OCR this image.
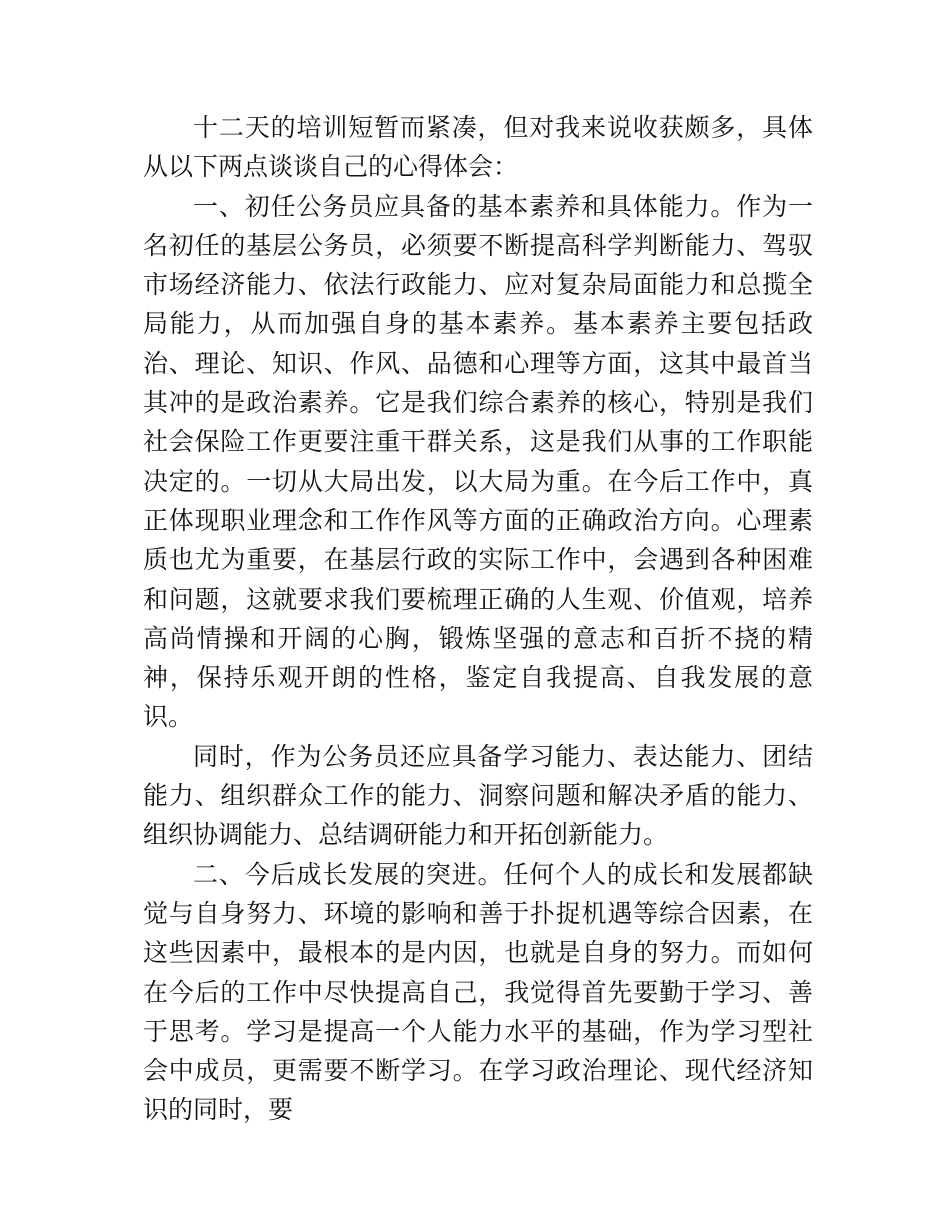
十二天的培训短暂而紧凑，但对我来说收获颇多，具体从以下两点谈谈自己的心得体会：

一、初任公务员应具备的基本素养和具体能力。作为一名初任的基层公务员，必须要不断提高科学判断能力、驾驭市场经济能力、依法行政能力、应对复杂局面能力和总揽全局能力，从而加强自身的基本素养。基本素养主要包括政治、理论、知识、作风、品德和心理等方面，这其中最首当其冲的是政治素养。它是我们综合素养的核心，特别是我们社会保险工作更要注重干群关系，这是我们从事的工作职能决定的。一切从大局出发，以大局为重。在今后工作中，真正体现职业理念和工作作风等方面的正确政治方向。心理素质也尤为重要，在基层行政的实际工作中，会遇到各种困难和问题，这就要求我们要梳理正确的人生观、价值观，培养高尚情操和开阔的心胸，锻炼坚强的意志和百折不挠的精神，保持乐观开朗的性格，鉴定自我提高、自我发展的意识。

同时，作为公务员还应具备学习能力、表达能力、团结能力、组织群众工作的能力、洞察问题和解决矛盾的能力、组织协调能力、总结调研能力和开拓创新能力。

二、今后成长发展的突进。任何个人的成长和发展都缺觉与自身努力、环境的影响和善于扑捉机遇等综合因素，在这些因素中，最根本的是内因，也就是自身的努力。而如何在今后的工作中尽快提高自己，我觉得首先要勤于学习、善于思考。学习是提高一个人能力水平的基础，作为学习型社会中成员，更需要不断学习。在学习政治理论、现代经济知识的同时，要
